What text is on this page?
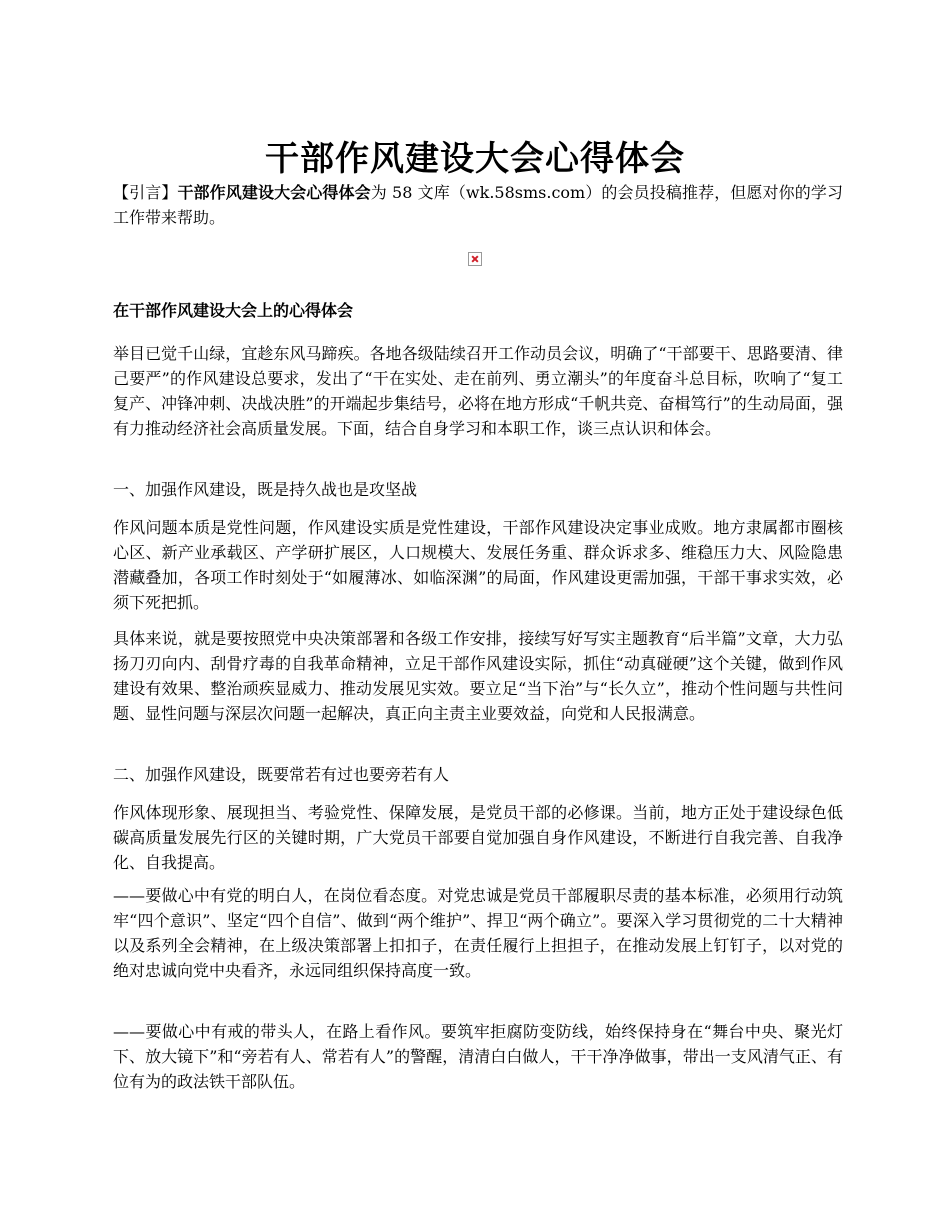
干部作风建设大会心得体会

【引言】干部作风建设大会心得体会为 58 文库（wk.58sms.com）的会员投稿推荐，但愿对你的学习工作带来帮助。

在干部作风建设大会上的心得体会

举目已觉千山绿，宜趁东风马蹄疾。各地各级陆续召开工作动员会议，明确了“干部要干、思路要清、律己要严”的作风建设总要求，发出了“干在实处、走在前列、勇立潮头”的年度奋斗总目标，吹响了“复工复产、冲锋冲刺、决战决胜”的开端起步集结号，必将在地方形成“千帆共竞、奋楫笃行”的生动局面，强有力推动经济社会高质量发展。下面，结合自身学习和本职工作，谈三点认识和体会。

一、加强作风建设，既是持久战也是攻坚战

作风问题本质是党性问题，作风建设实质是党性建设，干部作风建设决定事业成败。地方隶属都市圈核心区、新产业承载区、产学研扩展区，人口规模大、发展任务重、群众诉求多、维稳压力大、风险隐患潜藏叠加，各项工作时刻处于“如履薄冰、如临深渊”的局面，作风建设更需加强，干部干事求实效，必须下死把抓。

具体来说，就是要按照党中央决策部署和各级工作安排，接续写好写实主题教育“后半篇”文章，大力弘扬刀刃向内、刮骨疗毒的自我革命精神，立足干部作风建设实际，抓住“动真碰硬”这个关键，做到作风建设有效果、整治顽疾显威力、推动发展见实效。要立足“当下治”与“长久立”，推动个性问题与共性问题、显性问题与深层次问题一起解决，真正向主责主业要效益，向党和人民报满意。

二、加强作风建设，既要常若有过也要旁若有人

作风体现形象、展现担当、考验党性、保障发展，是党员干部的必修课。当前，地方正处于建设绿色低碳高质量发展先行区的关键时期，广大党员干部要自觉加强自身作风建设，不断进行自我完善、自我净化、自我提高。

——要做心中有党的明白人，在岗位看态度。对党忠诚是党员干部履职尽责的基本标准，必须用行动筑牢“四个意识”、坚定“四个自信”、做到“两个维护”、捍卫“两个确立”。要深入学习贯彻党的二十大精神以及系列全会精神，在上级决策部署上扣扣子，在责任履行上担担子，在推动发展上钉钉子，以对党的绝对忠诚向党中央看齐，永远同组织保持高度一致。

——要做心中有戒的带头人，在路上看作风。要筑牢拒腐防变防线，始终保持身在“舞台中央、聚光灯下、放大镜下”和“旁若有人、常若有人”的警醒，清清白白做人，干干净净做事，带出一支风清气正、有位有为的政法铁干部队伍。
